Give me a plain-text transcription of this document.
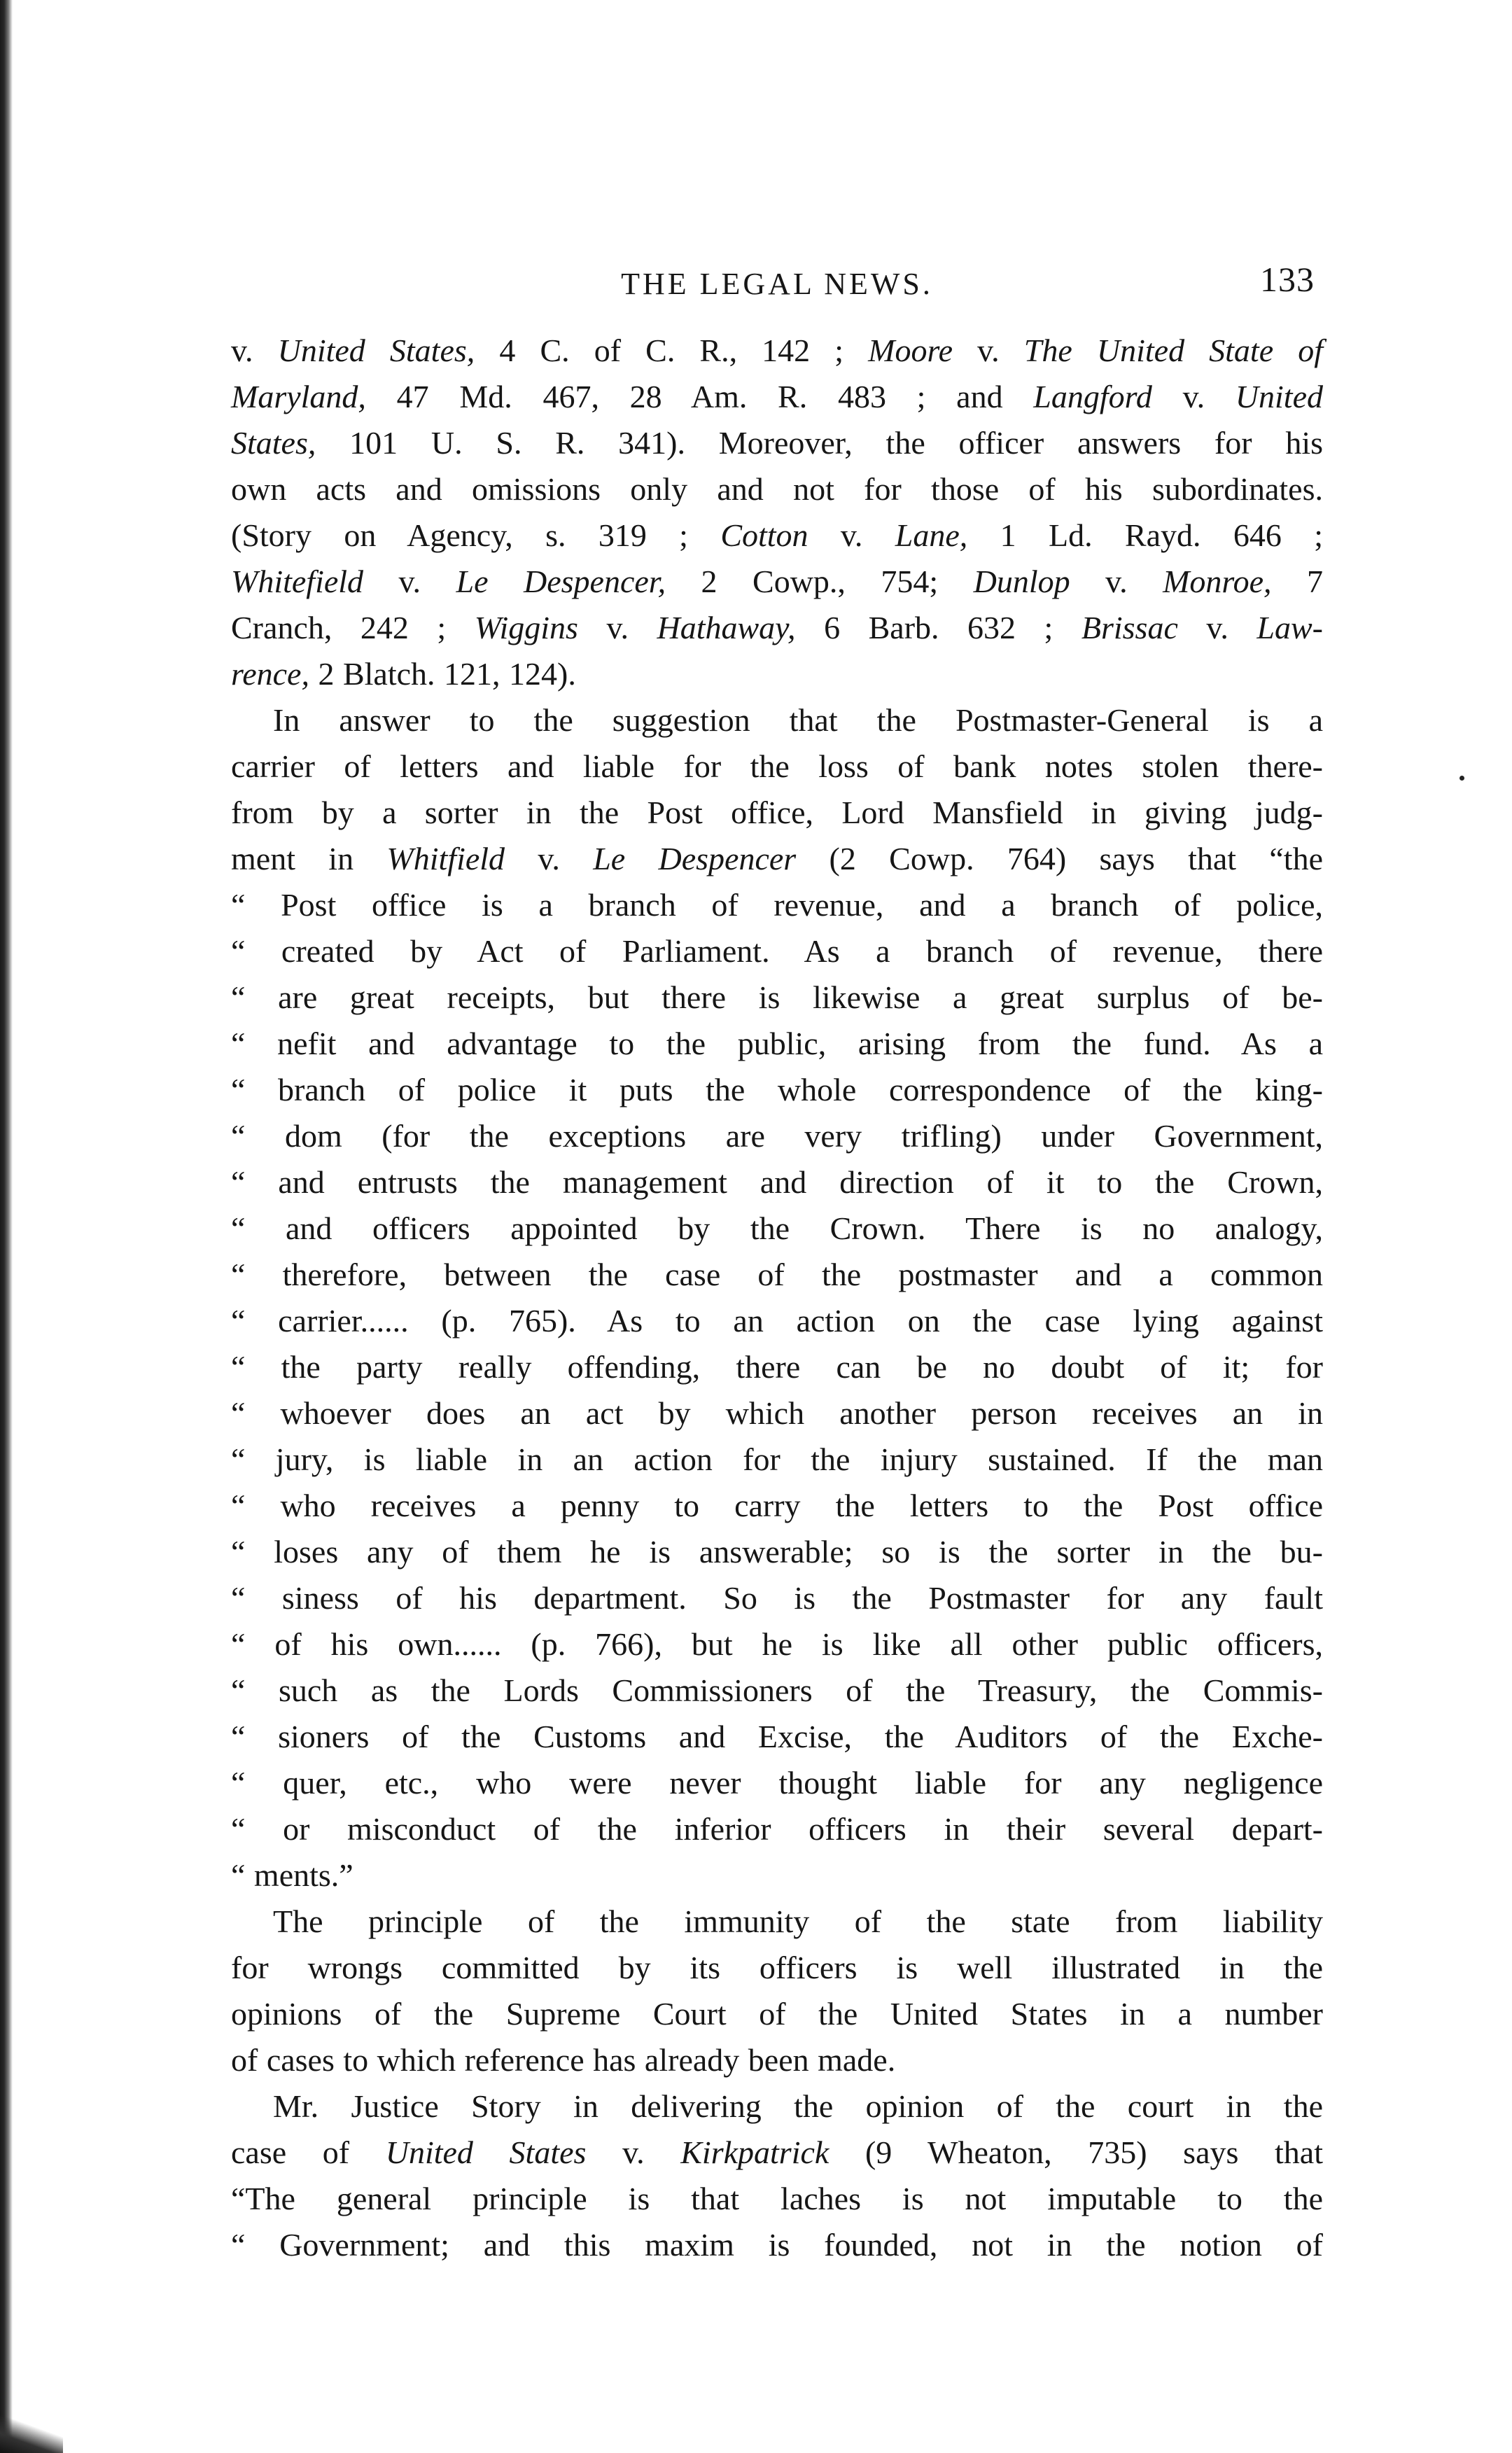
THE LEGAL NEWS.	133
v. United States, 4 C. of C. R., 142 ; Moore v. The United State of
Maryland, 47 Md. 467, 28 Am. R. 483 ; and Langford v. United
States, 101 U. S. R. 341). Moreover, the officer answers for his
own acts and omissions only and not for those of his subordinates.
(Story on Agency, s. 319 ; Cotton v. Lane, 1 Ld. Rayd. 646 ;
Whitefield v. Le Despencer, 2 Cowp., 754; Dunlop v. Monroe, 7
Cranch, 242 ; Wiggins v. Hathaway, 6 Barb. 632 ; Brissac v. Law-
rence, 2 Blatch. 121, 124).
In answer to the suggestion that the Postmaster-General is a
carrier of letters and liable for the loss of bank notes stolen there-
from by a sorter in the Post office, Lord Mansfield in giving judg-
ment in Whitfield v. Le Despencer (2 Cowp. 764) says that “the
“ Post office is a branch of revenue, and a branch of police,
“ created by Act of Parliament. As a branch of revenue, there
“ are great receipts, but there is likewise a great surplus of be-
“ nefit and advantage to the public, arising from the fund. As a
“ branch of police it puts the whole correspondence of the king-
“ dom (for the exceptions are very trifling) under Government,
“ and entrusts the management and direction of it to the Crown,
“ and officers appointed by the Crown. There is no analogy,
“ therefore, between the case of the postmaster and a common
“ carrier...... (p. 765). As to an action on the case lying against
“ the party really offending, there can be no doubt of it; for
“ whoever does an act by which another person receives an in
“ jury, is liable in an action for the injury sustained. If the man
“ who receives a penny to carry the letters to the Post office
“ loses any of them he is answerable; so is the sorter in the bu-
“ siness of his department. So is the Postmaster for any fault
“ of his own...... (p. 766), but he is like all other public officers,
“ such as the Lords Commissioners of the Treasury, the Commis-
“ sioners of the Customs and Excise, the Auditors of the Exche-
“ quer, etc., who were never thought liable for any negligence
“ or misconduct of the inferior officers in their several depart-
“ ments.”
The principle of the immunity of the state from liability
for wrongs committed by its officers is well illustrated in the
opinions of the Supreme Court of the United States in a number
of cases to which reference has already been made.
Mr. Justice Story in delivering the opinion of the court in the
case of United States v. Kirkpatrick (9 Wheaton, 735) says that
“The general principle is that laches is not imputable to the
“ Government; and this maxim is founded, not in the notion of
